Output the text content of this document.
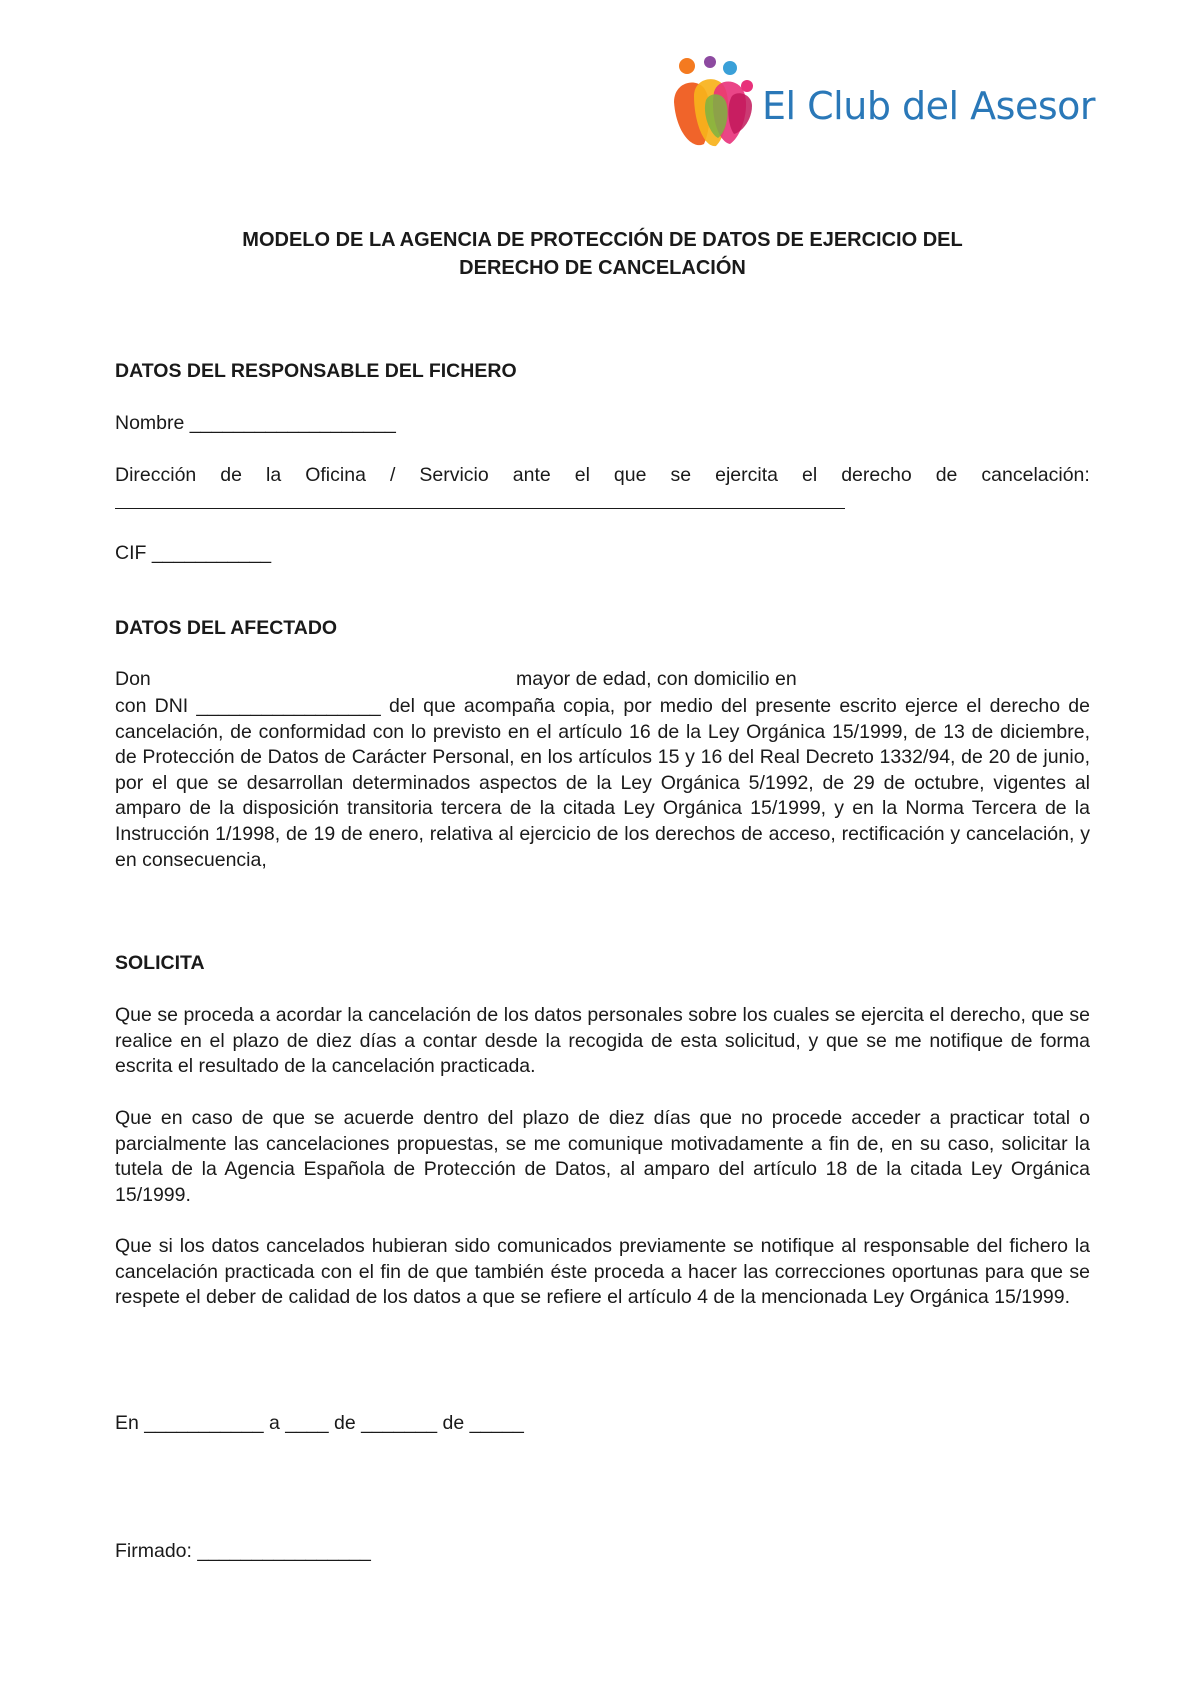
El Club del Asesor
MODELO DE LA AGENCIA DE PROTECCIÓN DE DATOS DE EJERCICIO DEL
DERECHO DE CANCELACIÓN
DATOS DEL RESPONSABLE DEL FICHERO
Nombre ___________________
Dirección de la Oficina / Servicio ante el que se ejercita el derecho de cancelación:
CIF ___________
DATOS DEL AFECTADO
Don	mayor de edad, con domicilio en
con DNI _________________ del que acompaña copia, por medio del presente escrito ejerce el derecho de cancelación, de conformidad con lo previsto en el artículo 16 de la Ley Orgánica 15/1999, de 13 de diciembre, de Protección de Datos de Carácter Personal, en los artículos 15 y 16 del Real Decreto 1332/94, de 20 de junio, por el que se desarrollan determinados aspectos de la Ley Orgánica 5/1992, de 29 de octubre, vigentes al amparo de la disposición transitoria tercera de la citada Ley Orgánica 15/1999, y en la Norma Tercera de la Instrucción 1/1998, de 19 de enero, relativa al ejercicio de los derechos de acceso, rectificación y cancelación, y en consecuencia,
SOLICITA
Que se proceda a acordar la cancelación de los datos personales sobre los cuales se ejercita el derecho, que se realice en el plazo de diez días a contar desde la recogida de esta solicitud, y que se me notifique de forma escrita el resultado de la cancelación practicada.
Que en caso de que se acuerde dentro del plazo de diez días que no procede acceder a practicar total o parcialmente las cancelaciones propuestas, se me comunique motivadamente a fin de, en su caso, solicitar la tutela de la Agencia Española de Protección de Datos, al amparo del artículo 18 de la citada Ley Orgánica 15/1999.
Que si los datos cancelados hubieran sido comunicados previamente se notifique al responsable del fichero la cancelación practicada con el fin de que también éste proceda a hacer las correcciones oportunas para que se respete el deber de calidad de los datos a que se refiere el artículo 4 de la mencionada Ley Orgánica 15/1999.
En ___________ a ____ de _______ de _____
Firmado: ________________
